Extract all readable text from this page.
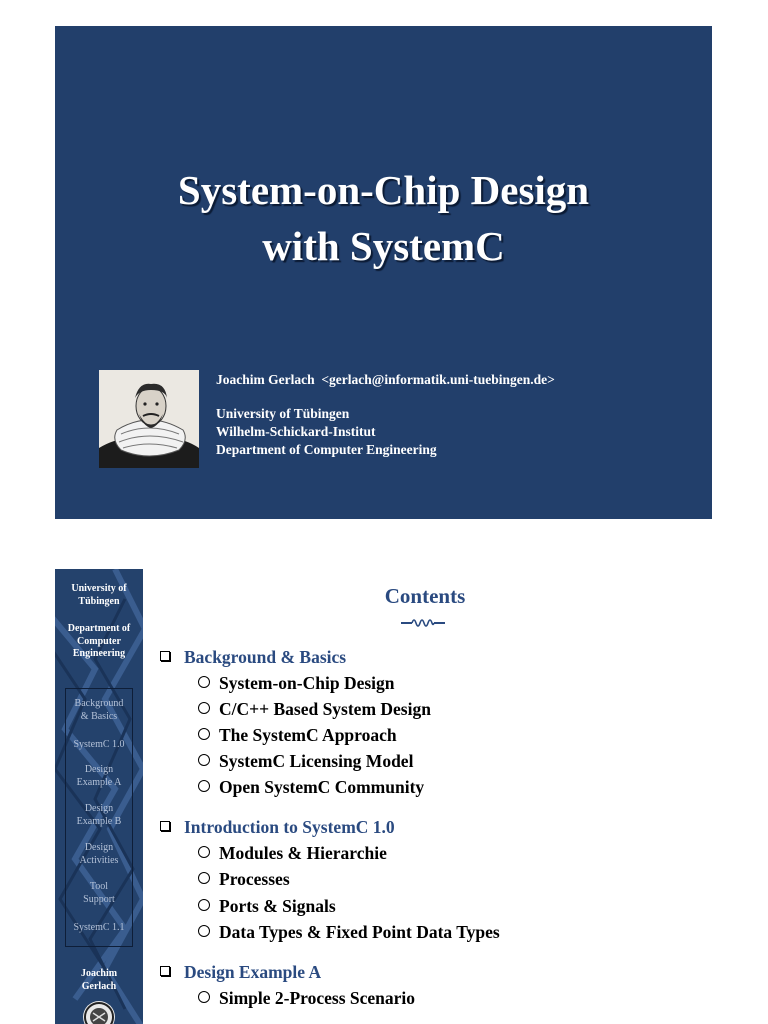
System-on-Chip Design
with SystemC
Joachim Gerlach <gerlach@informatik.uni-tuebingen.de>
University of Tübingen
Wilhelm-Schickard-Institut
Department of Computer Engineering
University of
Tübingen
Department of
Computer
Engineering
Background
& Basics
SystemC 1.0
Design
Example A
Design
Example B
Design
Activities
Tool
Support
SystemC 1.1
Joachim
Gerlach
Contents
Background & Basics
System-on-Chip Design
C/C++ Based System Design
The SystemC Approach
SystemC Licensing Model
Open SystemC Community
Introduction to SystemC 1.0
Modules & Hierarchie
Processes
Ports & Signals
Data Types & Fixed Point Data Types
Design Example A
Simple 2-Process Scenario
